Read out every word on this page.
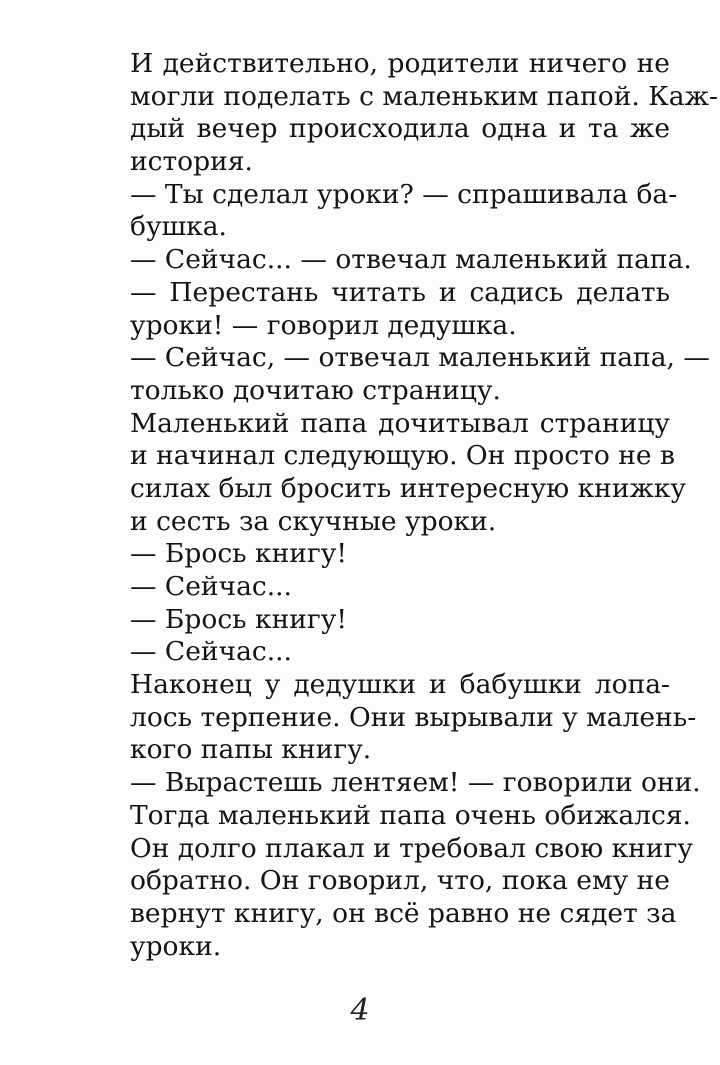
И действительно, родители ничего не
могли поделать с маленьким папой. Каж-
дый вечер происходила одна и та же
история.
— Ты сделал уроки? — спрашивала ба-
бушка.
— Сейчас... — отвечал маленький папа.
— Перестань читать и садись делать
уроки! — говорил дедушка.
— Сейчас, — отвечал маленький папа, —
только дочитаю страницу.
Маленький папа дочитывал страницу
и начинал следующую. Он просто не в
силах был бросить интересную книжку
и сесть за скучные уроки.
— Брось книгу!
— Сейчас...
— Брось книгу!
— Сейчас...
Наконец у дедушки и бабушки лопа-
лось терпение. Они вырывали у малень-
кого папы книгу.
— Вырастешь лентяем! — говорили они.
Тогда маленький папа очень обижался.
Он долго плакал и требовал свою книгу
обратно. Он говорил, что, пока ему не
вернут книгу, он всё равно не сядет за
уроки.
4
